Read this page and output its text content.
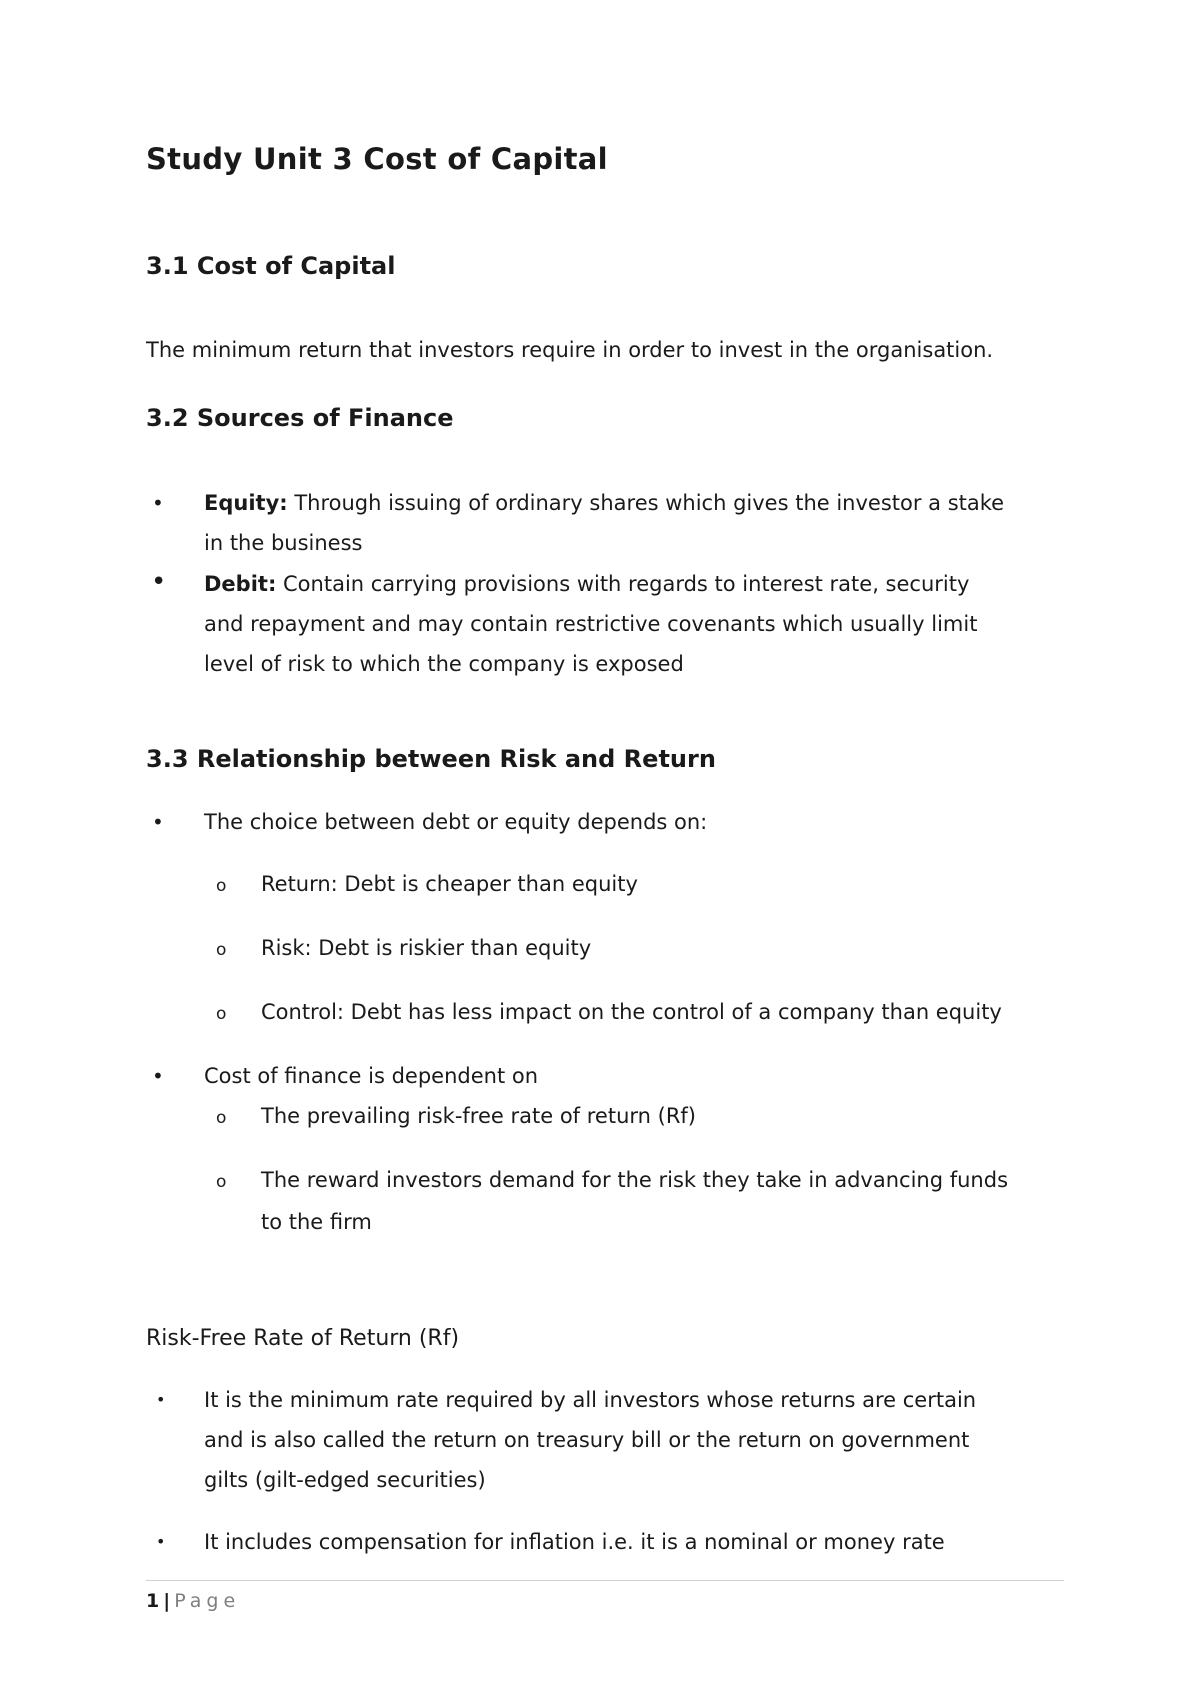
Study Unit 3 Cost of Capital
3.1 Cost of Capital
The minimum return that investors require in order to invest in the organisation.
3.2 Sources of Finance
•	Equity: Through issuing of ordinary shares which gives the investor a stake
in the business
•	Debit: Contain carrying provisions with regards to interest rate, security
and repayment and may contain restrictive covenants which usually limit
level of risk to which the company is exposed
3.3 Relationship between Risk and Return
•	The choice between debt or equity depends on:
o Return: Debt is cheaper than equity
o Risk: Debt is riskier than equity
o Control: Debt has less impact on the control of a company than equity
•	Cost of finance is dependent on
o The prevailing risk-free rate of return (Rf)
o The reward investors demand for the risk they take in advancing funds
to the firm
Risk-Free Rate of Return (Rf)
•	It is the minimum rate required by all investors whose returns are certain
and is also called the return on treasury bill or the return on government
gilts (gilt-edged securities)
•	It includes compensation for inflation i.e. it is a nominal or money rate
1 | Page
